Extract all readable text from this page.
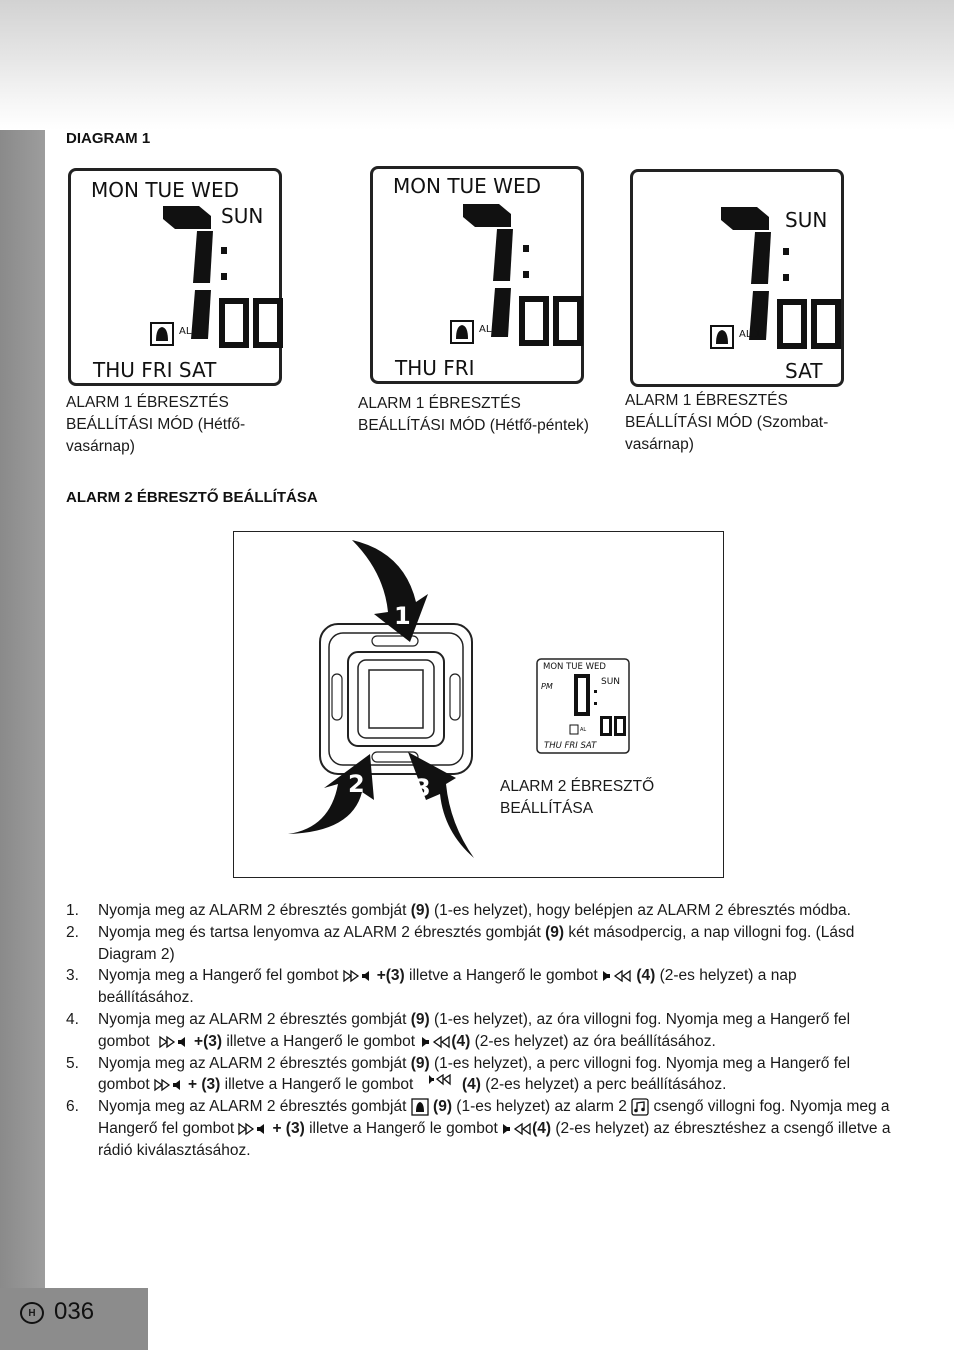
H 036
DIAGRAM 1
MON TUE WED
SUN
AL 1
THU FRI SAT
MON TUE WED
AL 1
THU FRI
SUN
AL 1
SAT
ALARM 1 ÉBRESZTÉS
BEÁLLÍTÁSI MÓD (Hétfő-
vasárnap)
ALARM 1 ÉBRESZTÉS
BEÁLLÍTÁSI MÓD (Hétfő-péntek)
ALARM 1 ÉBRESZTÉS
BEÁLLÍTÁSI MÓD (Szombat-
vasárnap)
ALARM 2 ÉBRESZTŐ BEÁLLÍTÁSA
1
2 3
MON TUE WED
PM	SUN
AL
THU FRI SAT
ALARM 2 ÉBRESZTŐ
BEÁLLÍTÁSA
1. Nyomja meg az ALARM 2 ébresztés gombját (9) (1-es helyzet), hogy belépjen az ALARM 2 ébresztés módba.
2. Nyomja meg és tartsa lenyomva az ALARM 2 ébresztés gombját (9) két másodpercig, a nap villogni fog. (Lásd Diagram 2)
3. Nyomja meg a Hangerő fel gombot +(3) illetve a Hangerő le gombot  (4) (2-es helyzet) a nap beállításához.
4. Nyomja meg az ALARM 2 ébresztés gombját (9) (1-es helyzet), az óra villogni fog. Nyomja meg a Hangerő fel gombot	+(3) illetve a Hangerő le gombot (4) (2-es helyzet) az óra beállításához.
5. Nyomja meg az ALARM 2 ébresztés gombját (9) (1-es helyzet), a perc villogni fog. Nyomja meg a Hangerő fel gombot + (3) illetve a Hangerő le gombot	(4) (2-es helyzet) a perc beállításához.
6. Nyomja meg az ALARM 2 ébresztés gombját  (9) (1-es helyzet) az alarm 2  csengő villogni fog. Nyomja meg a Hangerő fel gombot + (3) illetve a Hangerő le gombot (4) (2-es helyzet) az ébresztéshez a csengő illetve a rádió kiválasztásához.
